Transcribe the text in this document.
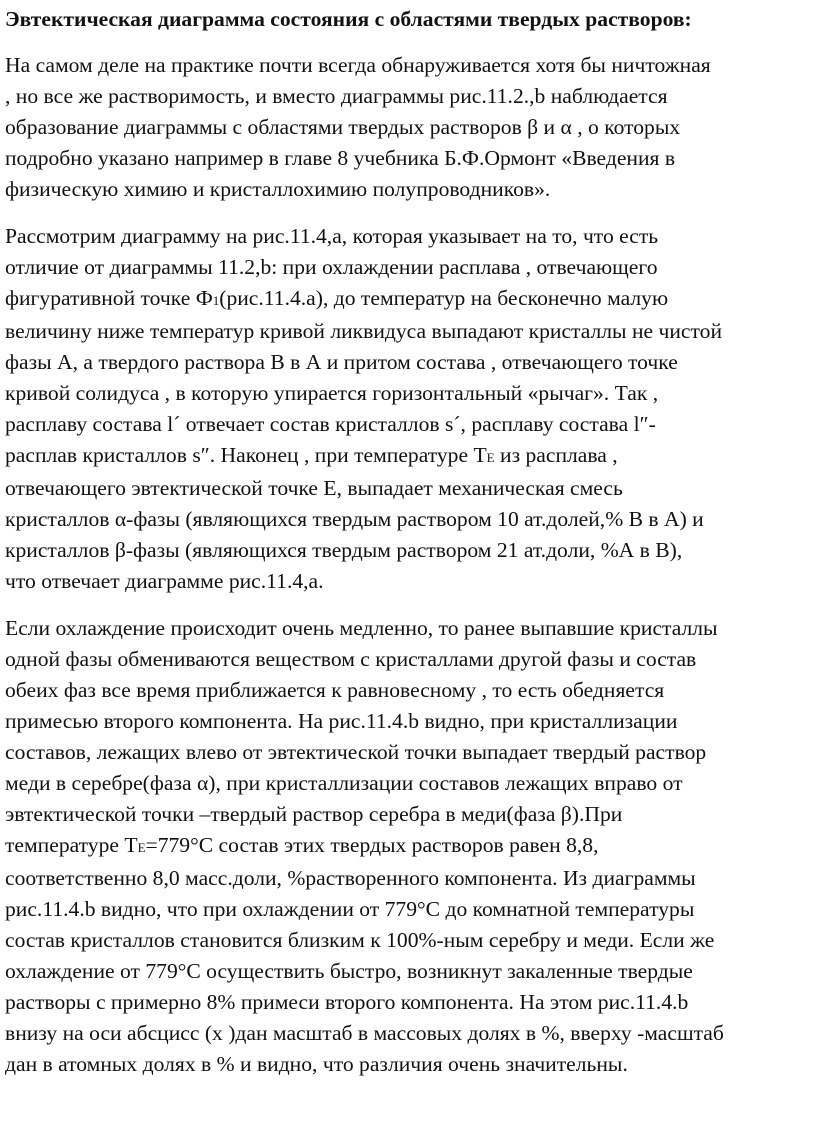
Эвтектическая диаграмма состояния с областями твердых растворов:
На самом деле на практике почти всегда обнаруживается хотя бы ничтожная
, но все же растворимость, и вместо диаграммы рис.11.2.,b наблюдается
образование диаграммы с областями твердых растворов β и α , о которых
подробно указано например в главе 8 учебника Б.Ф.Ормонт «Введения в
физическую химию и кристаллохимию полупроводников».
Рассмотрим диаграмму на рис.11.4,а, которая указывает на то, что есть
отличие от диаграммы 11.2,b: при охлаждении расплава , отвечающего
фигуративной точке Ф1(рис.11.4.а), до температур на бесконечно малую
величину ниже температур кривой ликвидуса выпадают кристаллы не чистой
фазы А, а твердого раствора В в А и притом состава , отвечающего точке
кривой солидуса , в которую упирается горизонтальный «рычаг». Так ,
расплаву состава l´ отвечает состав кристаллов s´, расплаву состава l″-
расплав кристаллов s″. Наконец , при температуре ТЕ из расплава ,
отвечающего эвтектической точке Е, выпадает механическая смесь
кристаллов α-фазы (являющихся твердым раствором 10 ат.долей,% В в А) и
кристаллов β-фазы (являющихся твердым раствором 21 ат.доли, %А в В),
что отвечает диаграмме рис.11.4,а.
Если охлаждение происходит очень медленно, то ранее выпавшие кристаллы
одной фазы обмениваются веществом с кристаллами другой фазы и состав
обеих фаз все время приближается к равновесному , то есть обедняется
примесью второго компонента. На рис.11.4.b видно, при кристаллизации
составов, лежащих влево от эвтектической точки выпадает твердый раствор
меди в серебре(фаза α), при кристаллизации составов лежащих вправо от
эвтектической точки –твердый раствор серебра в меди(фаза β).При
температуре ТЕ=779°С состав этих твердых растворов равен 8,8,
соответственно 8,0 масс.доли, %растворенного компонента. Из диаграммы
рис.11.4.b видно, что при охлаждении от 779°С до комнатной температуры
состав кристаллов становится близким к 100%-ным серебру и меди. Если же
охлаждение от 779°С осуществить быстро, возникнут закаленные твердые
растворы с примерно 8% примеси второго компонента. На этом рис.11.4.b
внизу на оси абсцисс (х )дан масштаб в массовых долях в %, вверху -масштаб
дан в атомных долях в % и видно, что различия очень значительны.
